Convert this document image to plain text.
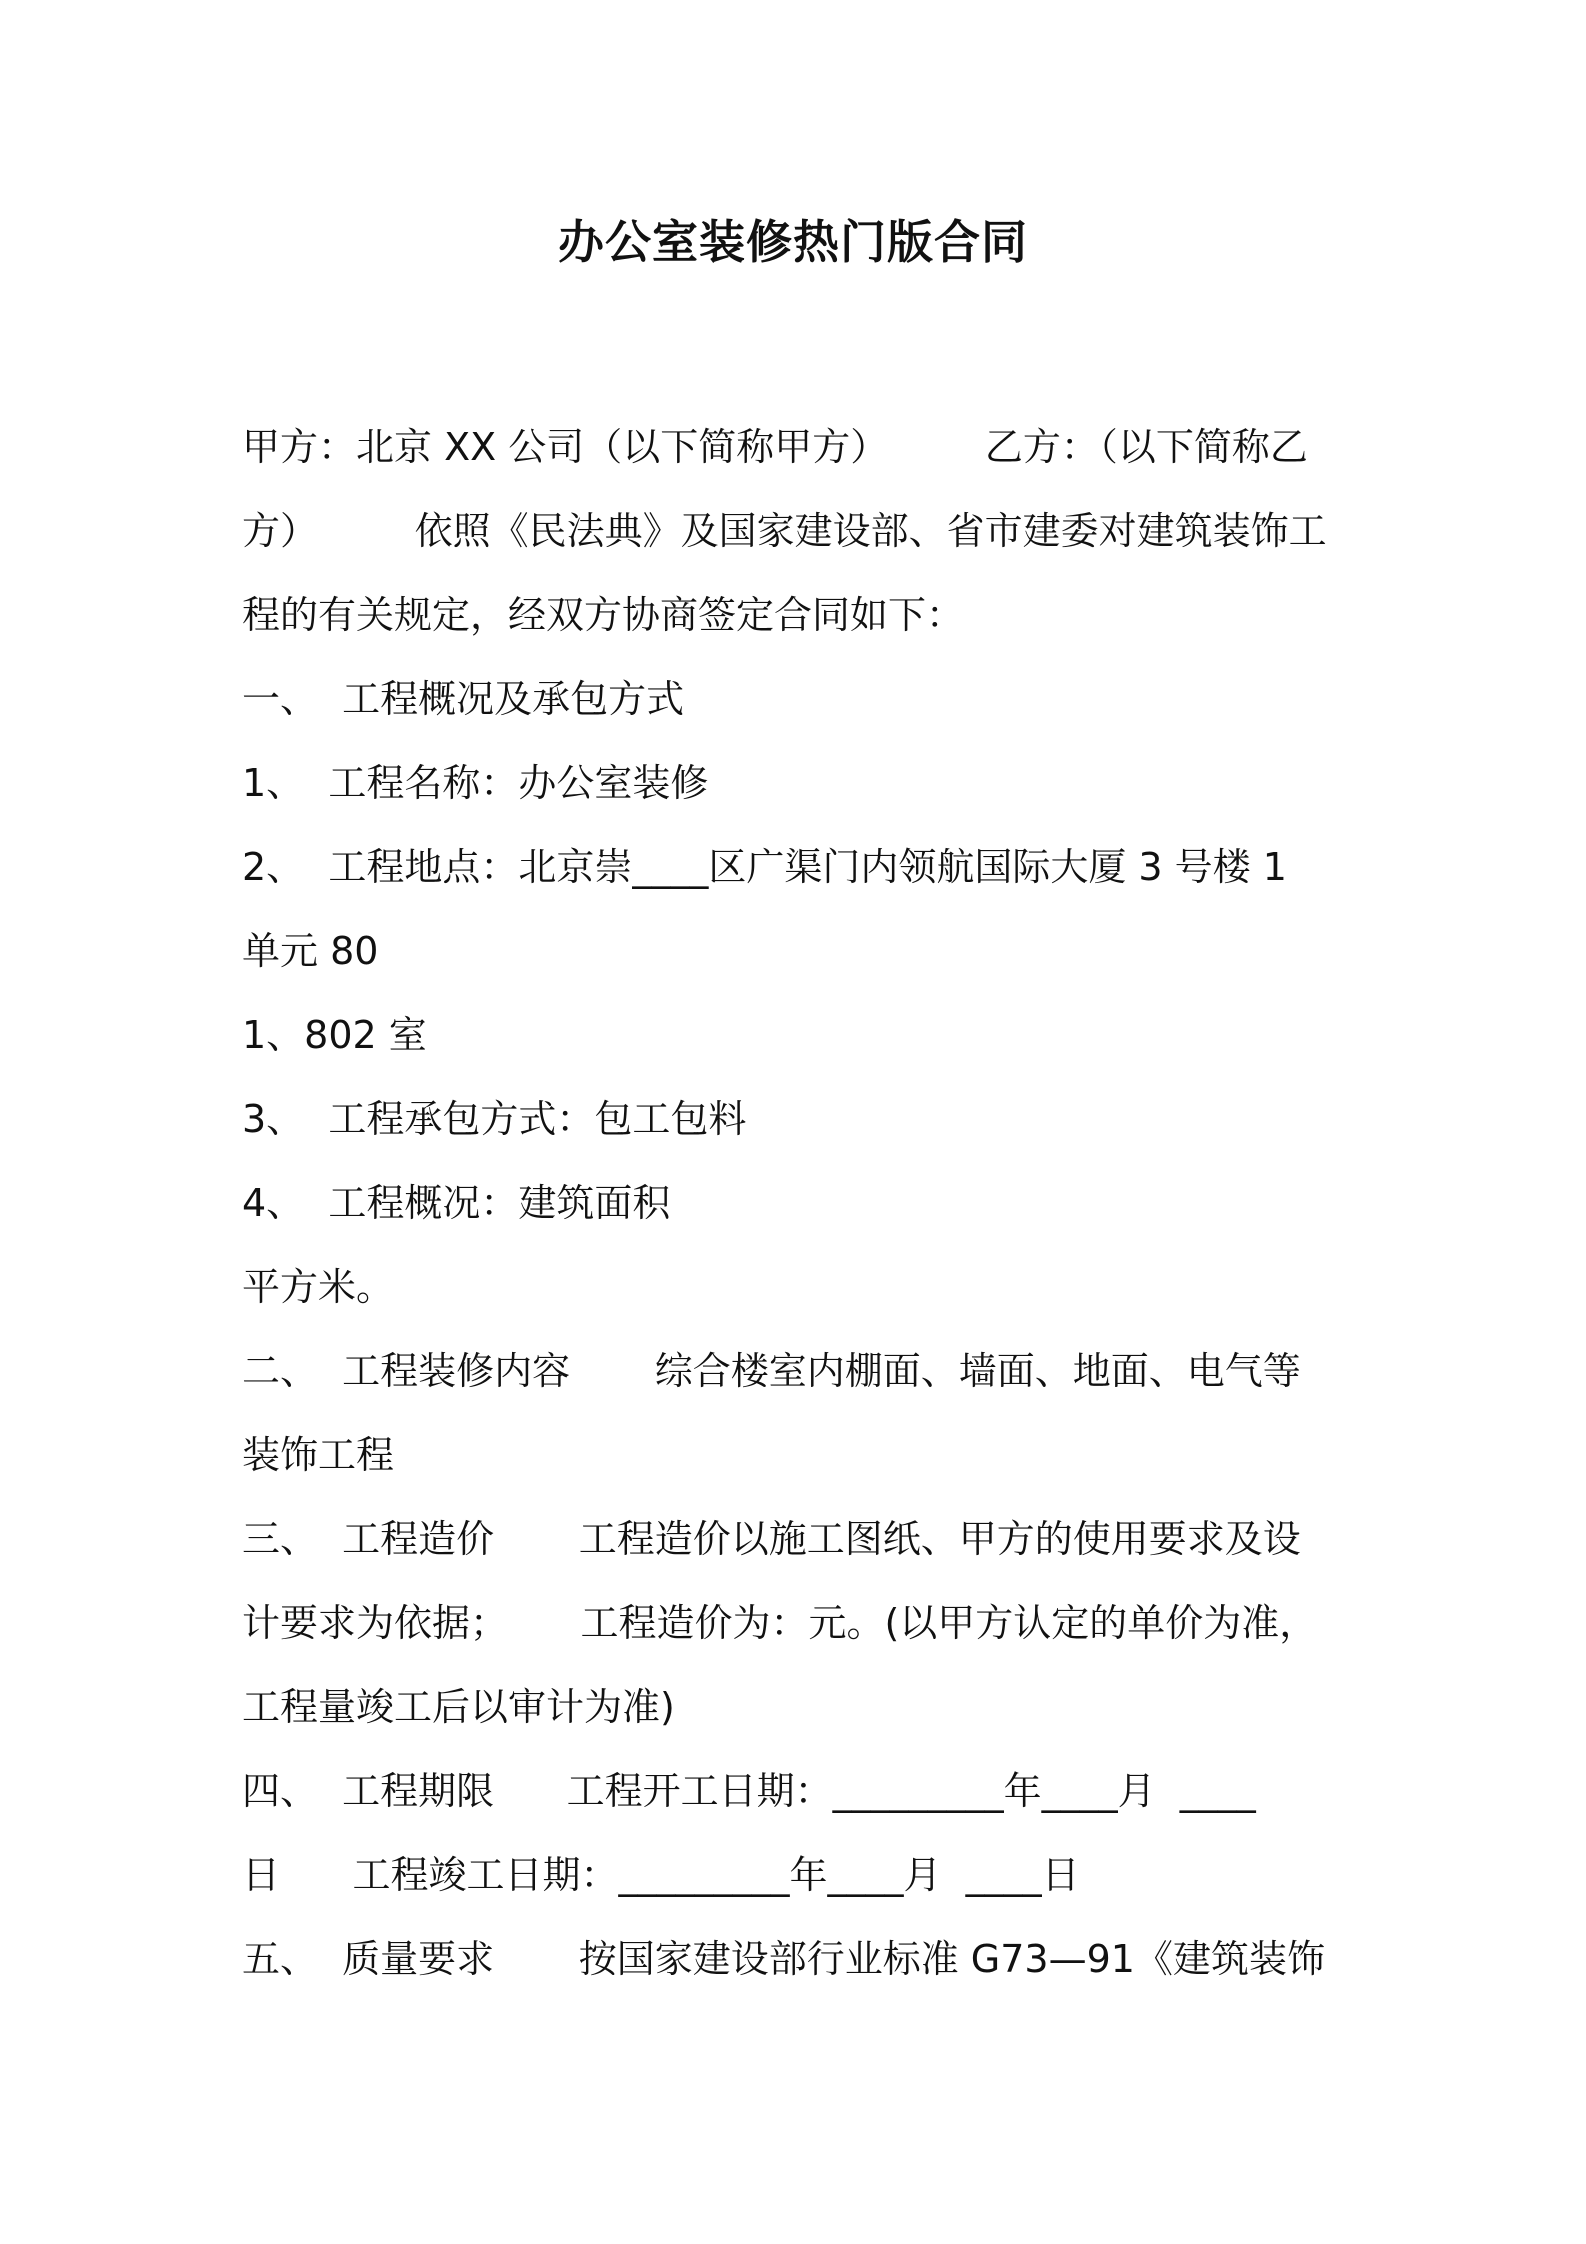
办公室装修热门版合同

甲方：北京 XX 公司（以下简称甲方）        乙方：（以下简称乙

方）        依照《民法典》及国家建设部、省市建委对建筑装饰工

程的有关规定，经双方协商签定合同如下：

一、  工程概况及承包方式

1、  工程名称：办公室装修

2、  工程地点：北京崇____区广渠门内领航国际大厦 3 号楼 1

单元 80

1、802 室

3、  工程承包方式：包工包料

4、  工程概况：建筑面积

平方米。

二、  工程装修内容       综合楼室内棚面、墙面、地面、电气等

装饰工程

三、  工程造价       工程造价以施工图纸、甲方的使用要求及设

计要求为依据；      工程造价为：元。(以甲方认定的单价为准，

工程量竣工后以审计为准)

四、  工程期限      工程开工日期：_________年____月  ____

日      工程竣工日期：_________年____月  ____日

五、  质量要求       按国家建设部行业标准 G73—91《建筑装饰
